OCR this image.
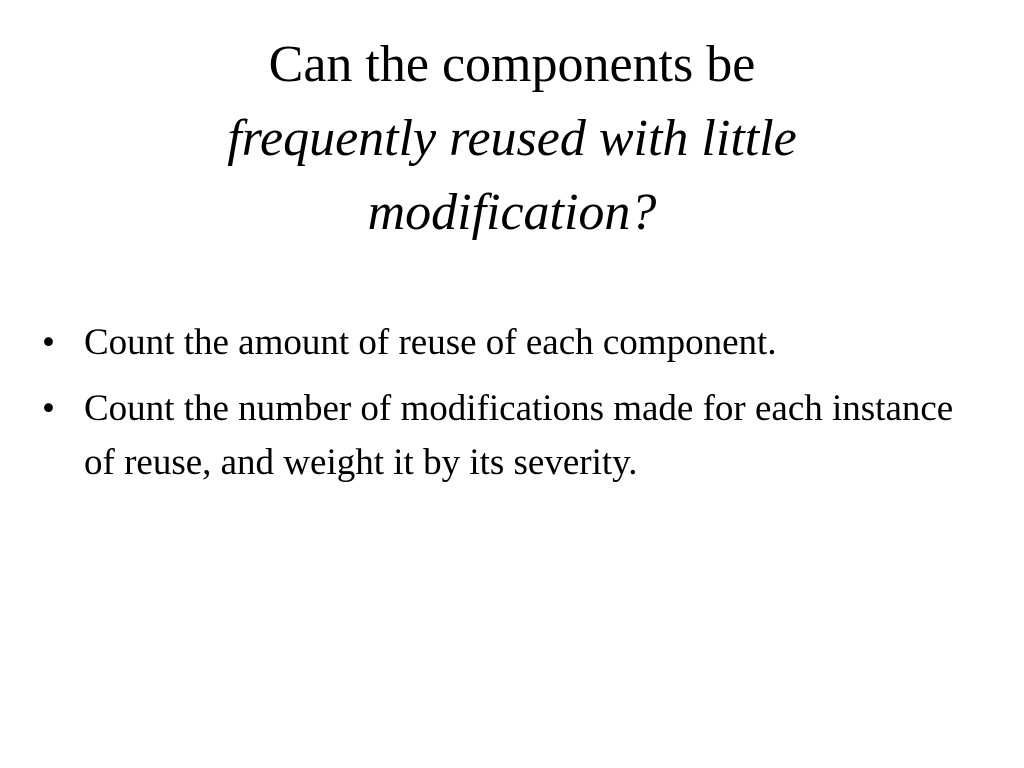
Can the components be
frequently reused with little
modification?
• Count the amount of reuse of each component.
• Count the number of modifications made for each instance of reuse, and weight it by its severity.
